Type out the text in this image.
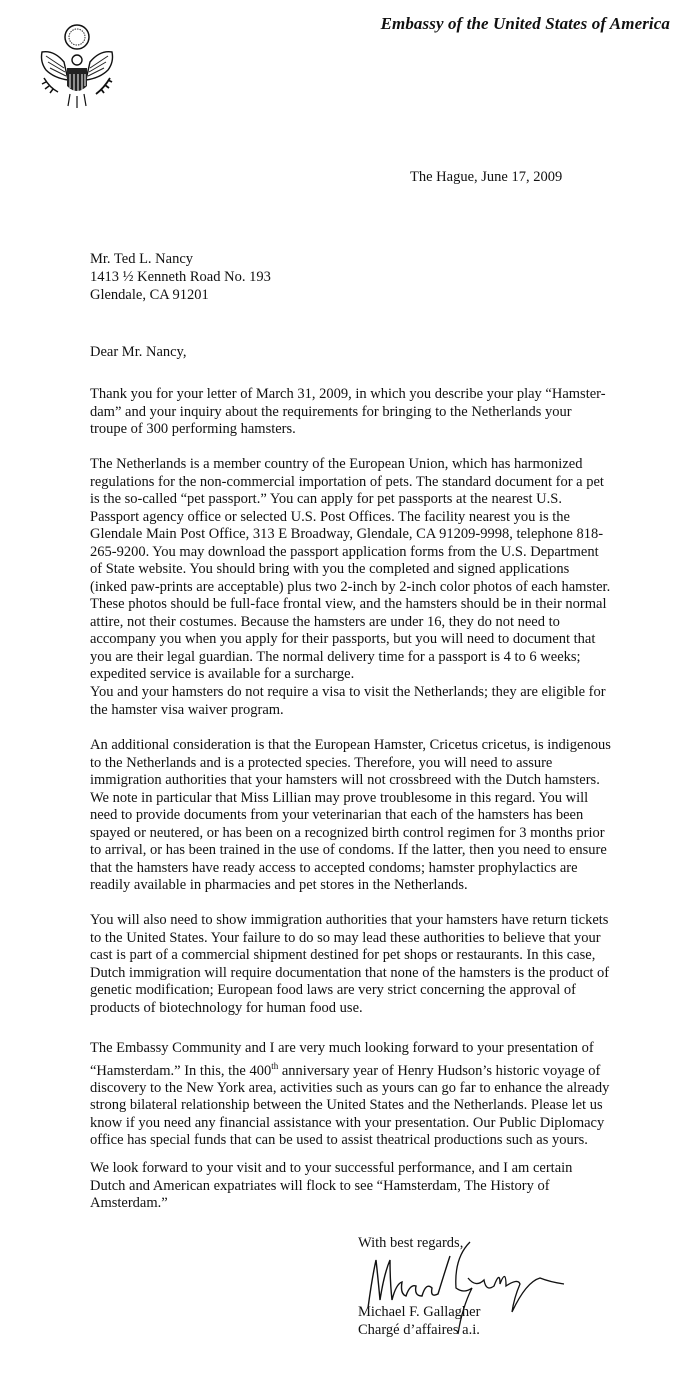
Embassy of the United States of America
The Hague, June 17, 2009
Mr. Ted L. Nancy
1413 ½ Kenneth Road No. 193
Glendale, CA 91201
Dear Mr. Nancy,
Thank you for your letter of March 31, 2009, in which you describe your play “Hamster-
dam” and your inquiry about the requirements for bringing to the Netherlands your
troupe of 300 performing hamsters.
The Netherlands is a member country of the European Union, which has harmonized
regulations for the non-commercial importation of pets. The standard document for a pet
is the so-called “pet passport.” You can apply for pet passports at the nearest U.S.
Passport agency office or selected U.S. Post Offices. The facility nearest you is the
Glendale Main Post Office, 313 E Broadway, Glendale, CA 91209-9998, telephone 818-
265-9200. You may download the passport application forms from the U.S. Department
of State website. You should bring with you the completed and signed applications
(inked paw-prints are acceptable) plus two 2-inch by 2-inch color photos of each hamster.
These photos should be full-face frontal view, and the hamsters should be in their normal
attire, not their costumes. Because the hamsters are under 16, they do not need to
accompany you when you apply for their passports, but you will need to document that
you are their legal guardian. The normal delivery time for a passport is 4 to 6 weeks;
expedited service is available for a surcharge.
You and your hamsters do not require a visa to visit the Netherlands; they are eligible for
the hamster visa waiver program.
An additional consideration is that the European Hamster, Cricetus cricetus, is indigenous
to the Netherlands and is a protected species. Therefore, you will need to assure
immigration authorities that your hamsters will not crossbreed with the Dutch hamsters.
We note in particular that Miss Lillian may prove troublesome in this regard. You will
need to provide documents from your veterinarian that each of the hamsters has been
spayed or neutered, or has been on a recognized birth control regimen for 3 months prior
to arrival, or has been trained in the use of condoms. If the latter, then you need to ensure
that the hamsters have ready access to accepted condoms; hamster prophylactics are
readily available in pharmacies and pet stores in the Netherlands.
You will also need to show immigration authorities that your hamsters have return tickets
to the United States. Your failure to do so may lead these authorities to believe that your
cast is part of a commercial shipment destined for pet shops or restaurants. In this case,
Dutch immigration will require documentation that none of the hamsters is the product of
genetic modification; European food laws are very strict concerning the approval of
products of biotechnology for human food use.
The Embassy Community and I are very much looking forward to your presentation of
“Hamsterdam.” In this, the 400th anniversary year of Henry Hudson’s historic voyage of
discovery to the New York area, activities such as yours can go far to enhance the already
strong bilateral relationship between the United States and the Netherlands. Please let us
know if you need any financial assistance with your presentation. Our Public Diplomacy
office has special funds that can be used to assist theatrical productions such as yours.
We look forward to your visit and to your successful performance, and I am certain
Dutch and American expatriates will flock to see “Hamsterdam, The History of
Amsterdam.”
With best regards,
Michael F. Gallagher
Chargé d’affaires a.i.
